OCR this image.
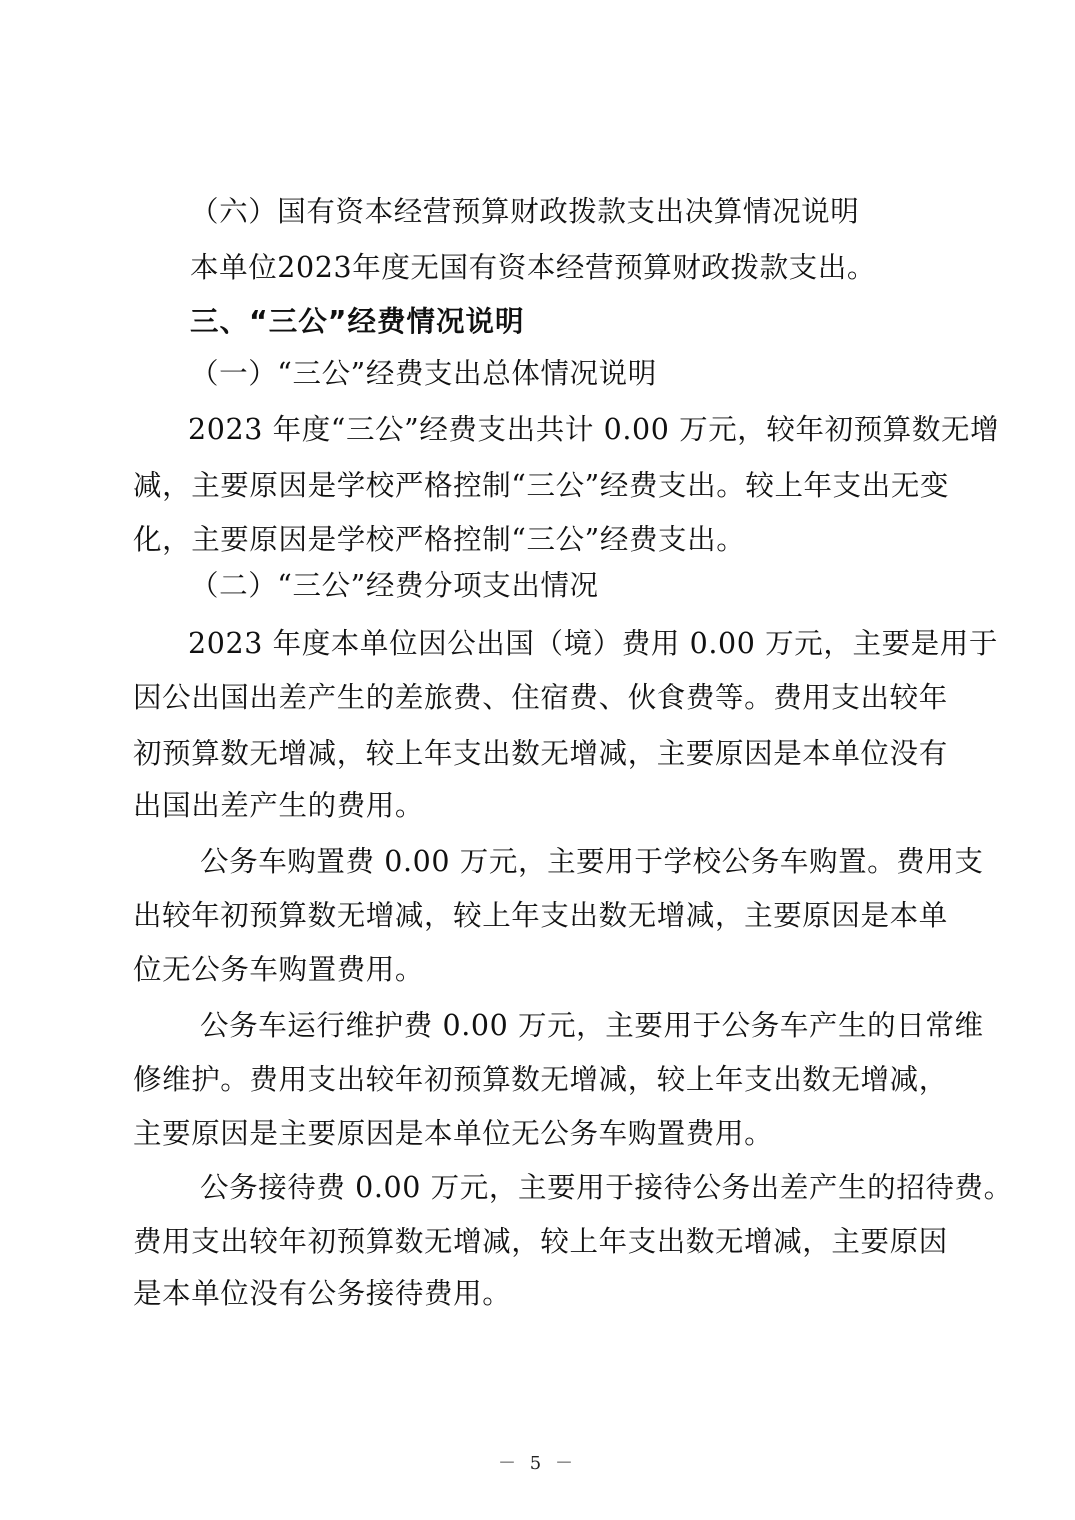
（六）国有资本经营预算财政拨款支出决算情况说明
本单位2023年度无国有资本经营预算财政拨款支出。
三、“三公”经费情况说明
（一）“三公”经费支出总体情况说明
2023 年度“三公”经费支出共计 0.00 万元，较年初预算数无增
减，主要原因是学校严格控制“三公”经费支出。较上年支出无变
化，主要原因是学校严格控制“三公”经费支出。
（二）“三公”经费分项支出情况
2023 年度本单位因公出国（境）费用 0.00 万元，主要是用于
因公出国出差产生的差旅费、住宿费、伙食费等。费用支出较年
初预算数无增减，较上年支出数无增减，主要原因是本单位没有
出国出差产生的费用。
公务车购置费 0.00 万元，主要用于学校公务车购置。费用支
出较年初预算数无增减，较上年支出数无增减，主要原因是本单
位无公务车购置费用。
公务车运行维护费 0.00 万元，主要用于公务车产生的日常维
修维护。费用支出较年初预算数无增减，较上年支出数无增减，
主要原因是主要原因是本单位无公务车购置费用。
公务接待费 0.00 万元，主要用于接待公务出差产生的招待费。
费用支出较年初预算数无增减，较上年支出数无增减，主要原因
是本单位没有公务接待费用。
－ 5 －
